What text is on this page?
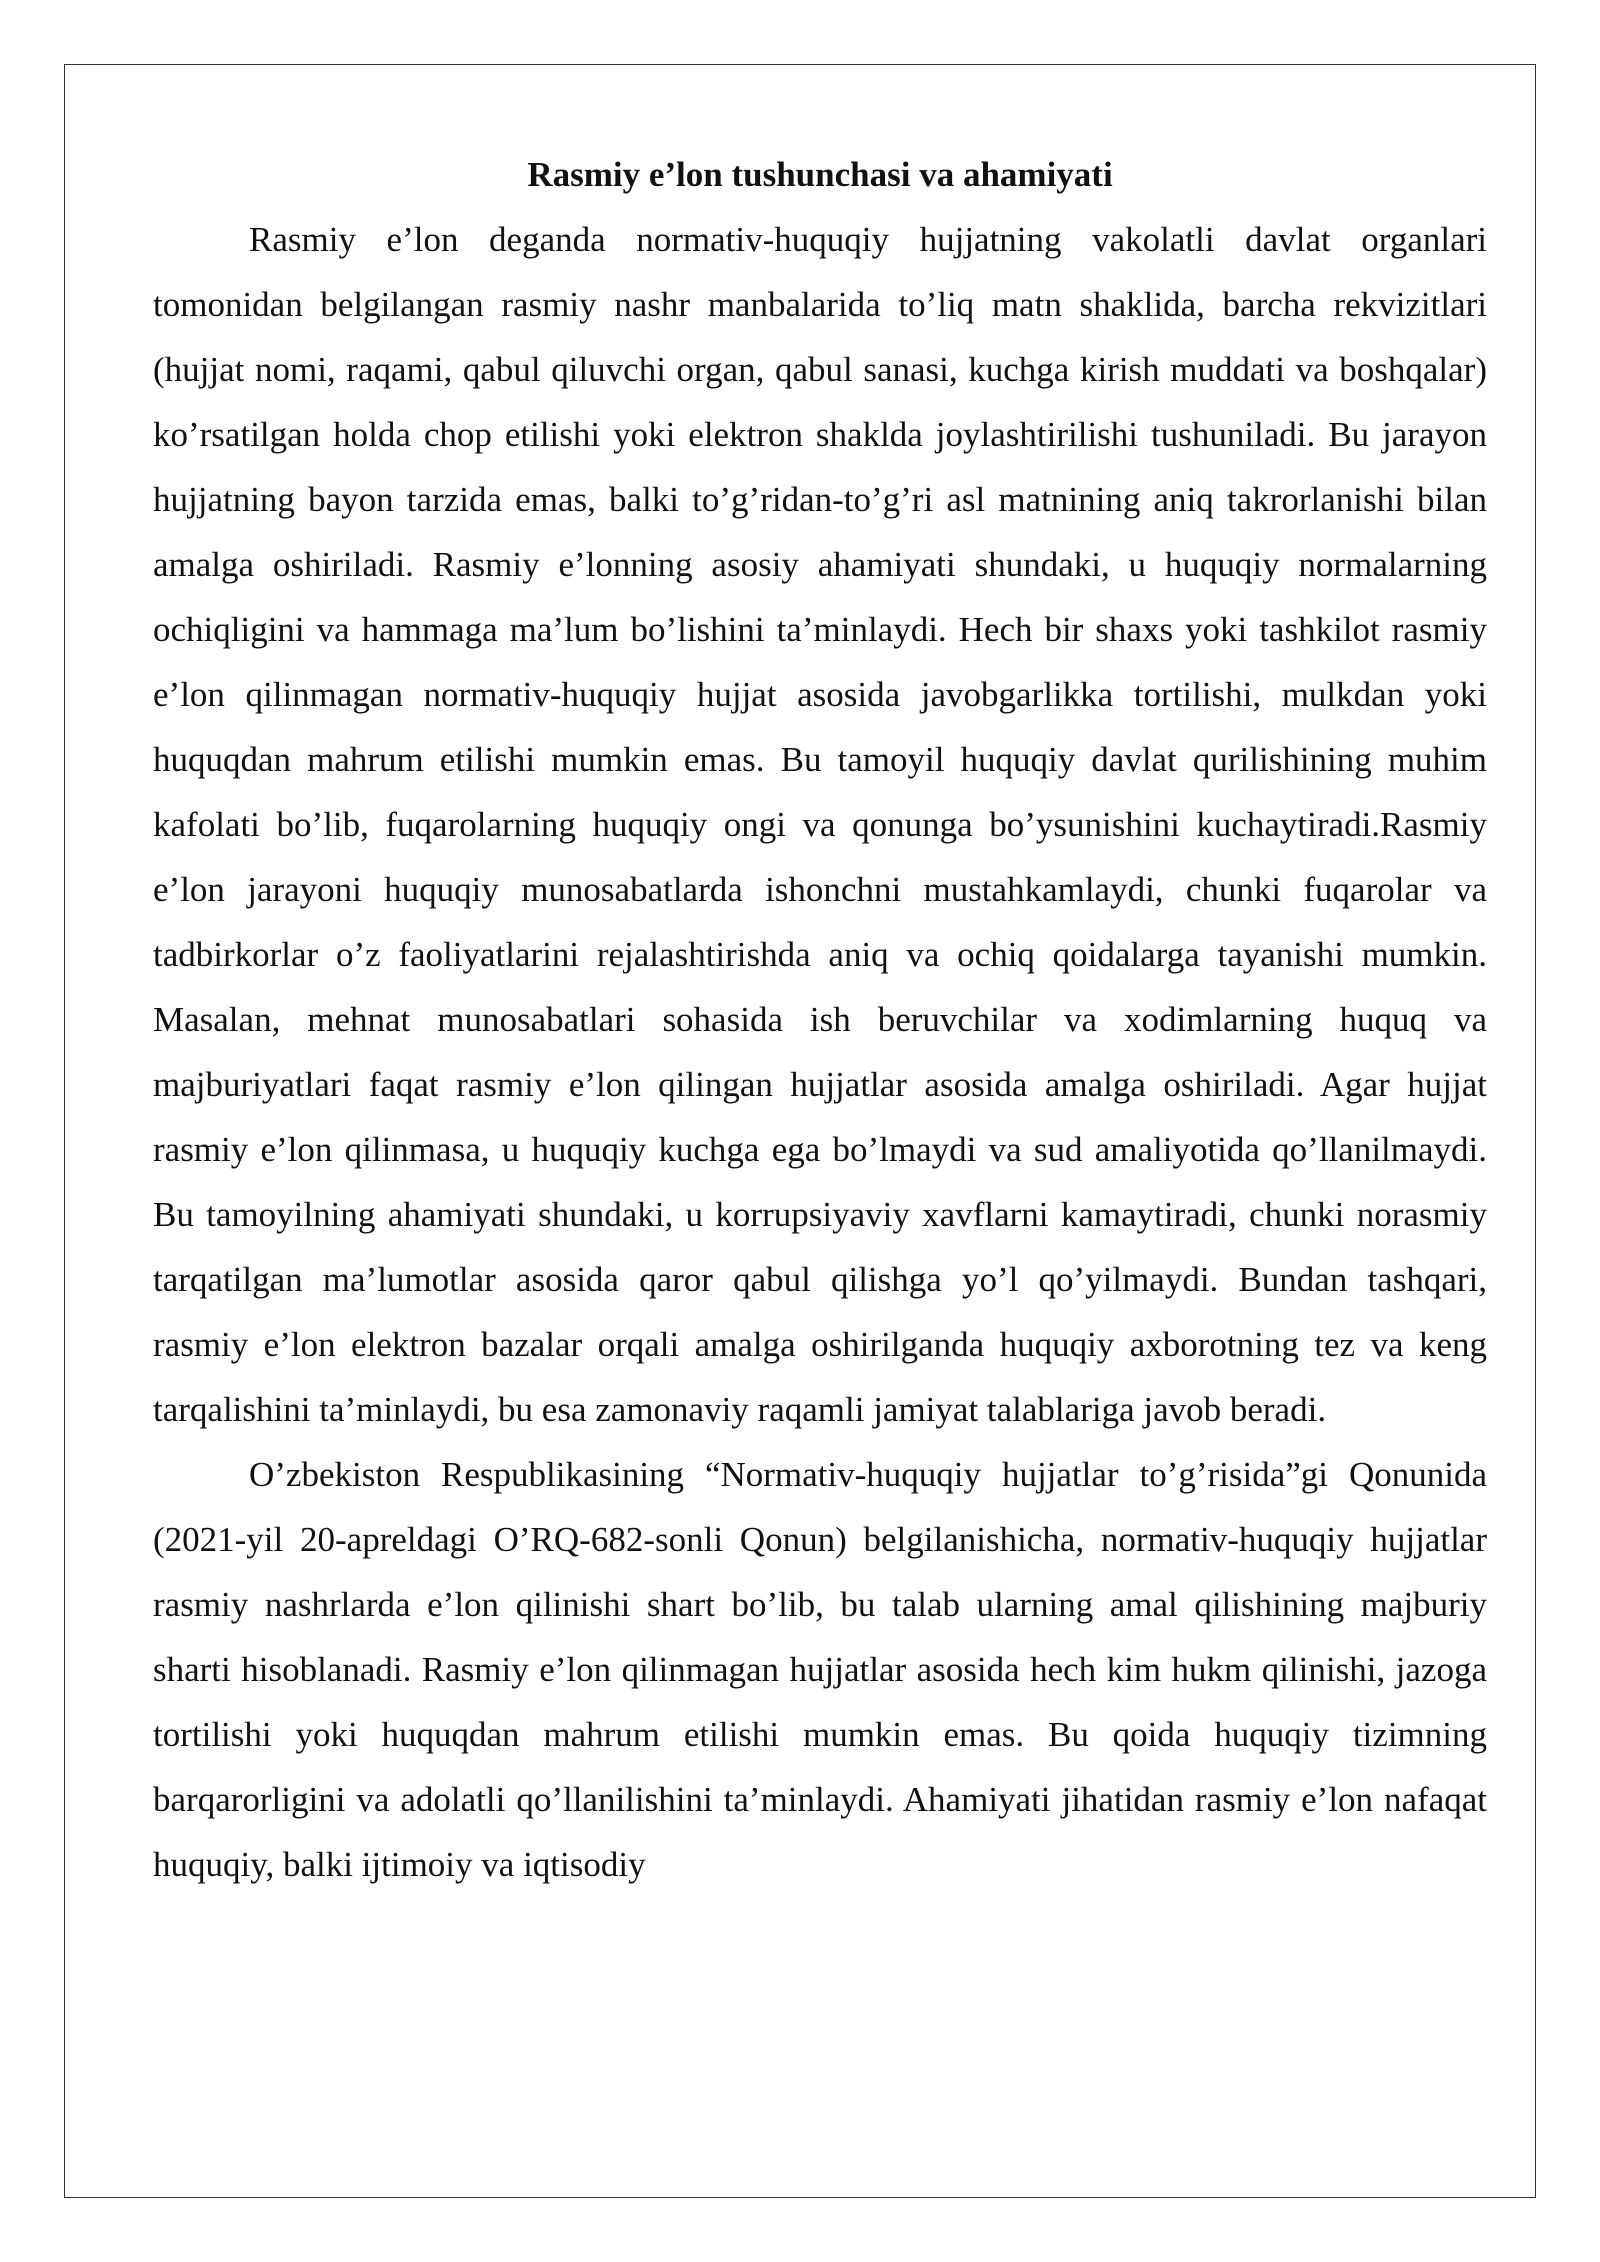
Rasmiy e’lon tushunchasi va ahamiyati

Rasmiy e’lon deganda normativ-huquqiy hujjatning vakolatli davlat organlari tomonidan belgilangan rasmiy nashr manbalarida to’liq matn shaklida, barcha rekvizitlari (hujjat nomi, raqami, qabul qiluvchi organ, qabul sanasi, kuchga kirish muddati va boshqalar) ko’rsatilgan holda chop etilishi yoki elektron shaklda joylashtirilishi tushuniladi. Bu jarayon hujjatning bayon tarzida emas, balki to’g’ridan-to’g’ri asl matnining aniq takrorlanishi bilan amalga oshiriladi. Rasmiy e’lonning asosiy ahamiyati shundaki, u huquqiy normalarning ochiqligini va hammaga ma’lum bo’lishini ta’minlaydi. Hech bir shaxs yoki tashkilot rasmiy e’lon qilinmagan normativ-huquqiy hujjat asosida javobgarlikka tortilishi, mulkdan yoki huquqdan mahrum etilishi mumkin emas. Bu tamoyil huquqiy davlat qurilishining muhim kafolati bo’lib, fuqarolarning huquqiy ongi va qonunga bo’ysunishini kuchaytiradi.Rasmiy e’lon jarayoni huquqiy munosabatlarda ishonchni mustahkamlaydi, chunki fuqarolar va tadbirkorlar o’z faoliyatlarini rejalashtirishda aniq va ochiq qoidalarga tayanishi mumkin. Masalan, mehnat munosabatlari sohasida ish beruvchilar va xodimlarning huquq va majburiyatlari faqat rasmiy e’lon qilingan hujjatlar asosida amalga oshiriladi. Agar hujjat rasmiy e’lon qilinmasa, u huquqiy kuchga ega bo’lmaydi va sud amaliyotida qo’llanilmaydi. Bu tamoyilning ahamiyati shundaki, u korrupsiyaviy xavflarni kamaytiradi, chunki norasmiy tarqatilgan ma’lumotlar asosida qaror qabul qilishga yo’l qo’yilmaydi. Bundan tashqari, rasmiy e’lon elektron bazalar orqali amalga oshirilganda huquqiy axborotning tez va keng tarqalishini ta’minlaydi, bu esa zamonaviy raqamli jamiyat talablariga javob beradi.

O’zbekiston Respublikasining “Normativ-huquqiy hujjatlar to’g’risida”gi Qonunida (2021-yil 20-apreldagi O’RQ-682-sonli Qonun) belgilanishicha, normativ-huquqiy hujjatlar rasmiy nashrlarda e’lon qilinishi shart bo’lib, bu talab ularning amal qilishining majburiy sharti hisoblanadi. Rasmiy e’lon qilinmagan hujjatlar asosida hech kim hukm qilinishi, jazoga tortilishi yoki huquqdan mahrum etilishi mumkin emas. Bu qoida huquqiy tizimning barqarorligini va adolatli qo’llanilishini ta’minlaydi. Ahamiyati jihatidan rasmiy e’lon nafaqat huquqiy, balki ijtimoiy va iqtisodiy
